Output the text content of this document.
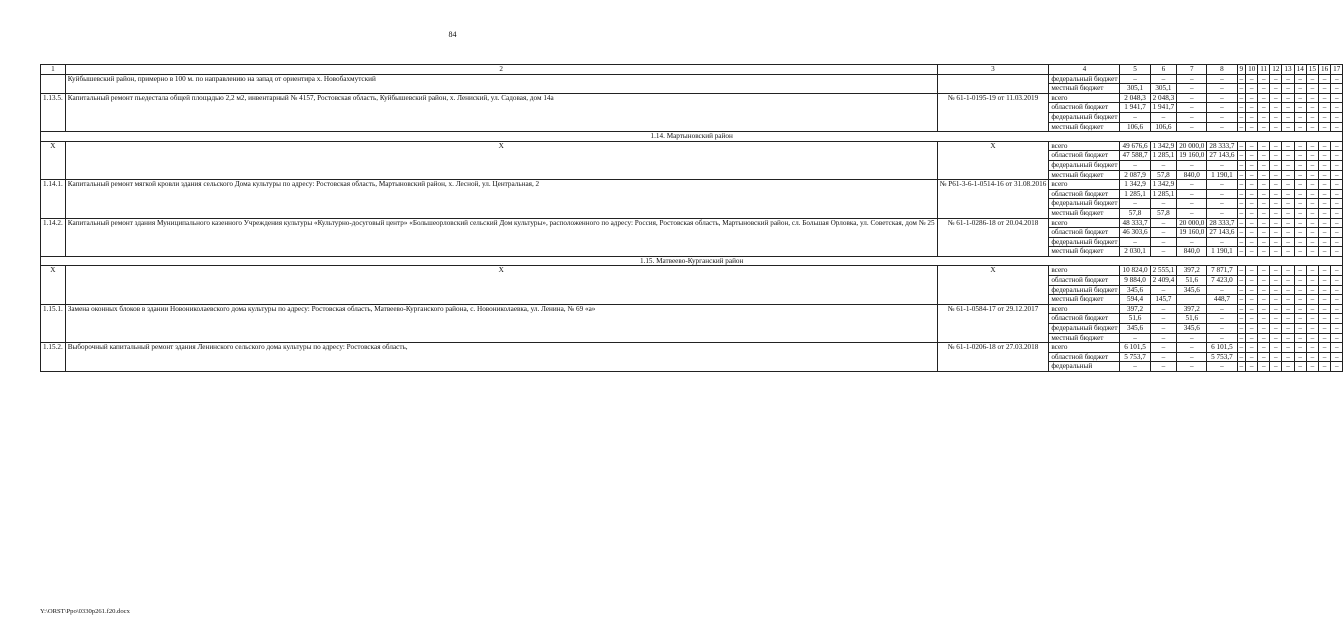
84
1	2	3	4	5	6	7	8	9	10	11	12	13	14	15	16	17
	Куйбышевский район, примерно в 100 м. по направлению на запад от ориентира х. Новобахмутский		федеральный бюджет	–	–	–	–	–	–	–	–	–	–	–	–	–
			местный бюджет	305,1	305,1	–	–	–	–	–	–	–	–	–	–	–
1.13.5.	Капитальный ремонт пьедестала общей площадью 2,2 м2, инвентарный № 4157, Ростовская область, Куйбышевский район, х. Лениский, ул. Садовая, дом 14а	№ 61-1-0195-19 от 11.03.2019	всего	2 048,3	2 048,3	–	–	–	–	–	–	–	–	–	–	–
			областной бюджет	1 941,7	1 941,7	–	–	–	–	–	–	–	–	–	–	–
			федеральный бюджет	–	–	–	–	–	–	–	–	–	–	–	–	–
			местный бюджет	106,6	106,6	–	–	–	–	–	–	–	–	–	–	–
1.14. Мартыновский район																
Х	Х	Х	всего	49 676,6	1 342,9	20 000,0	28 333,7	–	–	–	–	–	–	–	–	–
			областной бюджет	47 588,7	1 285,1	19 160,0	27 143,6	–	–	–	–	–	–	–	–	–
			федеральный бюджет	–	–	–	–	–	–	–	–	–	–	–	–	–
			местный бюджет	2 087,9	57,8	840,0	1 190,1	–	–	–	–	–	–	–	–	–
1.14.1.	Капитальный ремонт мягкой кровли здания сельского Дома культуры по адресу: Ростовская область, Мартыновский район, х. Лесной, ул. Центральная, 2	№ Р61-3-6-1-0514-16 от 31.08.2016	всего	1 342,9	1 342,9	–	–	–	–	–	–	–	–	–	–	–
			областной бюджет	1 285,1	1 285,1	–	–	–	–	–	–	–	–	–	–	–
			федеральный бюджет	–	–	–	–	–	–	–	–	–	–	–	–	–
			местный бюджет	57,8	57,8	–	–	–	–	–	–	–	–	–	–	–
1.14.2.	Капитальный ремонт здания Муниципального казенного Учреждения культуры «Культурно-досуговый центр» «Большеорловский сельский Дом культуры», расположенного по адресу: Россия, Ростовская область, Мартыновский район, сл. Большая Орловка, ул. Советская, дом № 25	№ 61-1-0286-18 от 20.04.2018	всего	48 333,7	–	20 000,0	28 333,7	–	–	–	–	–	–	–	–	–
			областной бюджет	46 303,6	–	19 160,0	27 143,6	–	–	–	–	–	–	–	–	–
			федеральный бюджет	–	–	–	–	–	–	–	–	–	–	–	–	–
			местный бюджет	2 030,1	–	840,0	1 190,1	–	–	–	–	–	–	–	–	–
1.15. Матвеево-Курганский район																
Х	Х	Х	всего	10 824,0	2 555,1	397,2	7 871,7	–	–	–	–	–	–	–	–	–
			областной бюджет	9 884,0	2 409,4	51,6	7 423,0	–	–	–	–	–	–	–	–	–
			федеральный бюджет	345,6	–	345,6	–	–	–	–	–	–	–	–	–	–
			местный бюджет	594,4	145,7		448,7	–	–	–	–	–	–	–	–	–
1.15.1.	Замена оконных блоков в здании Новониколаевского дома культуры по адресу: Ростовская область, Матвеево-Курганского района, с. Новониколаевка, ул. Ленина, № 69 «а»	№ 61-1-0584-17 от 29.12.2017	всего	397,2	–	397,2	–	–	–	–	–	–	–	–	–	–
			областной бюджет	51,6	–	51,6	–	–	–	–	–	–	–	–	–	–
			федеральный бюджет	345,6	–	345,6	–	–	–	–	–	–	–	–	–	–
			местный бюджет	–	–	–	–	–	–	–	–	–	–	–	–	–
1.15.2.	Выборочный капитальный ремонт здания Ленинского сельского дома культуры по адресу: Ростовская область,	№ 61-1-0206-18 от 27.03.2018	всего	6 101,5	–	–	6 101,5	–	–	–	–	–	–	–	–	–
			областной бюджет	5 753,7	–	–	5 753,7	–	–	–	–	–	–	–	–	–
			федеральный	–	–	–	–	–	–	–	–	–	–	–	–	–
Y:\ORST\Ppo\0330p261.f20.docx
